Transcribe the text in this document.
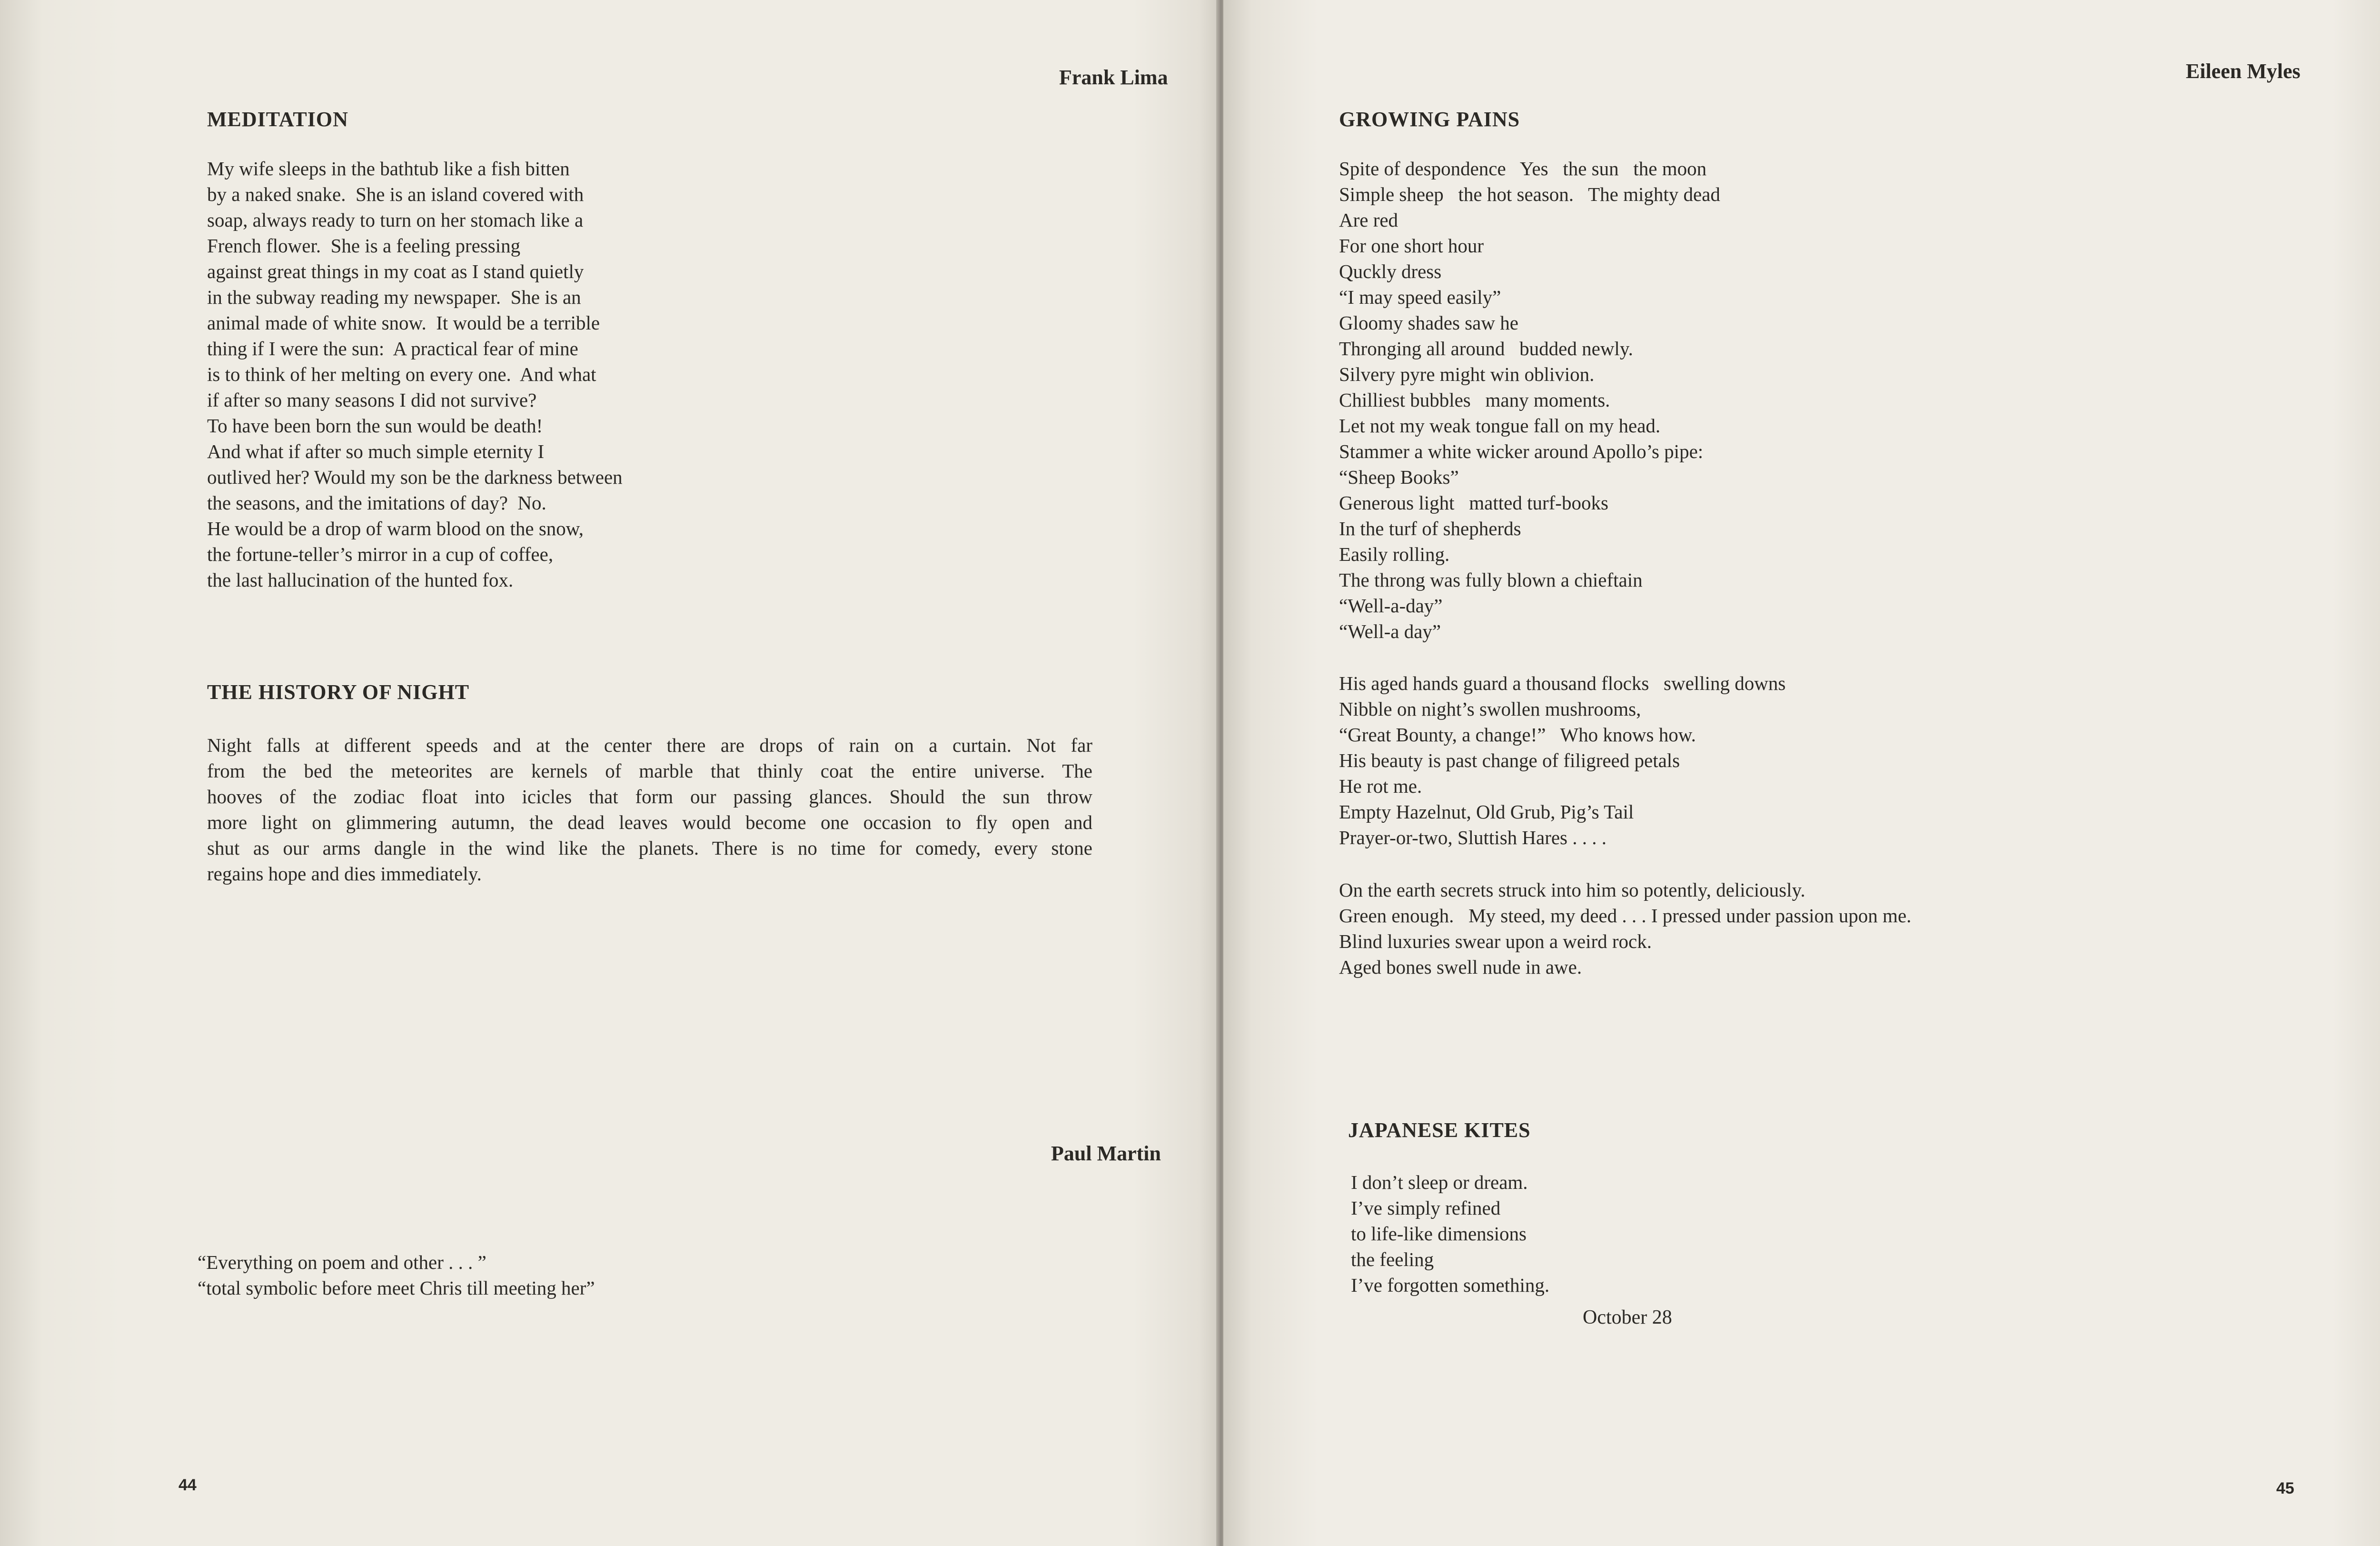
Frank Lima
MEDITATION
My wife sleeps in the bathtub like a fish bitten
by a naked snake.  She is an island covered with
soap, always ready to turn on her stomach like a
French flower.  She is a feeling pressing
against great things in my coat as I stand quietly
in the subway reading my newspaper.  She is an
animal made of white snow.  It would be a terrible
thing if I were the sun:  A practical fear of mine
is to think of her melting on every one.  And what
if after so many seasons I did not survive?
To have been born the sun would be death!
And what if after so much simple eternity I
outlived her? Would my son be the darkness between
the seasons, and the imitations of day?  No.
He would be a drop of warm blood on the snow,
the fortune-teller’s mirror in a cup of coffee,
the last hallucination of the hunted fox.
THE HISTORY OF NIGHT
Night falls at different speeds and at the center there are drops of rain on a curtain. Not far
from the bed the meteorites are kernels of marble that thinly coat the entire universe. The
hooves of the zodiac float into icicles that form our passing glances. Should the sun throw
more light on glimmering autumn, the dead leaves would become one occasion to fly open and
shut as our arms dangle in the wind like the planets. There is no time for comedy, every stone
regains hope and dies immediately.
Paul Martin
“Everything on poem and other . . . ”
“total symbolic before meet Chris till meeting her”
44
Eileen Myles
GROWING PAINS
Spite of despondence   Yes   the sun   the moon
Simple sheep   the hot season.   The mighty dead
Are red
For one short hour
Quckly dress
“I may speed easily”
Gloomy shades saw he
Thronging all around   budded newly.
Silvery pyre might win oblivion.
Chilliest bubbles   many moments.
Let not my weak tongue fall on my head.
Stammer a white wicker around Apollo’s pipe:
“Sheep Books”
Generous light   matted turf-books
In the turf of shepherds
Easily rolling.
The throng was fully blown a chieftain
“Well-a-day”
“Well-a day”
His aged hands guard a thousand flocks   swelling downs
Nibble on night’s swollen mushrooms,
“Great Bounty, a change!”   Who knows how.
His beauty is past change of filigreed petals
He rot me.
Empty Hazelnut, Old Grub, Pig’s Tail
Prayer-or-two, Sluttish Hares . . . .
On the earth secrets struck into him so potently, deliciously.
Green enough.   My steed, my deed . . . I pressed under passion upon me.
Blind luxuries swear upon a weird rock.
Aged bones swell nude in awe.
JAPANESE KITES
I don’t sleep or dream.
I’ve simply refined
to life-like dimensions
the feeling
I’ve forgotten something.
October 28
45
